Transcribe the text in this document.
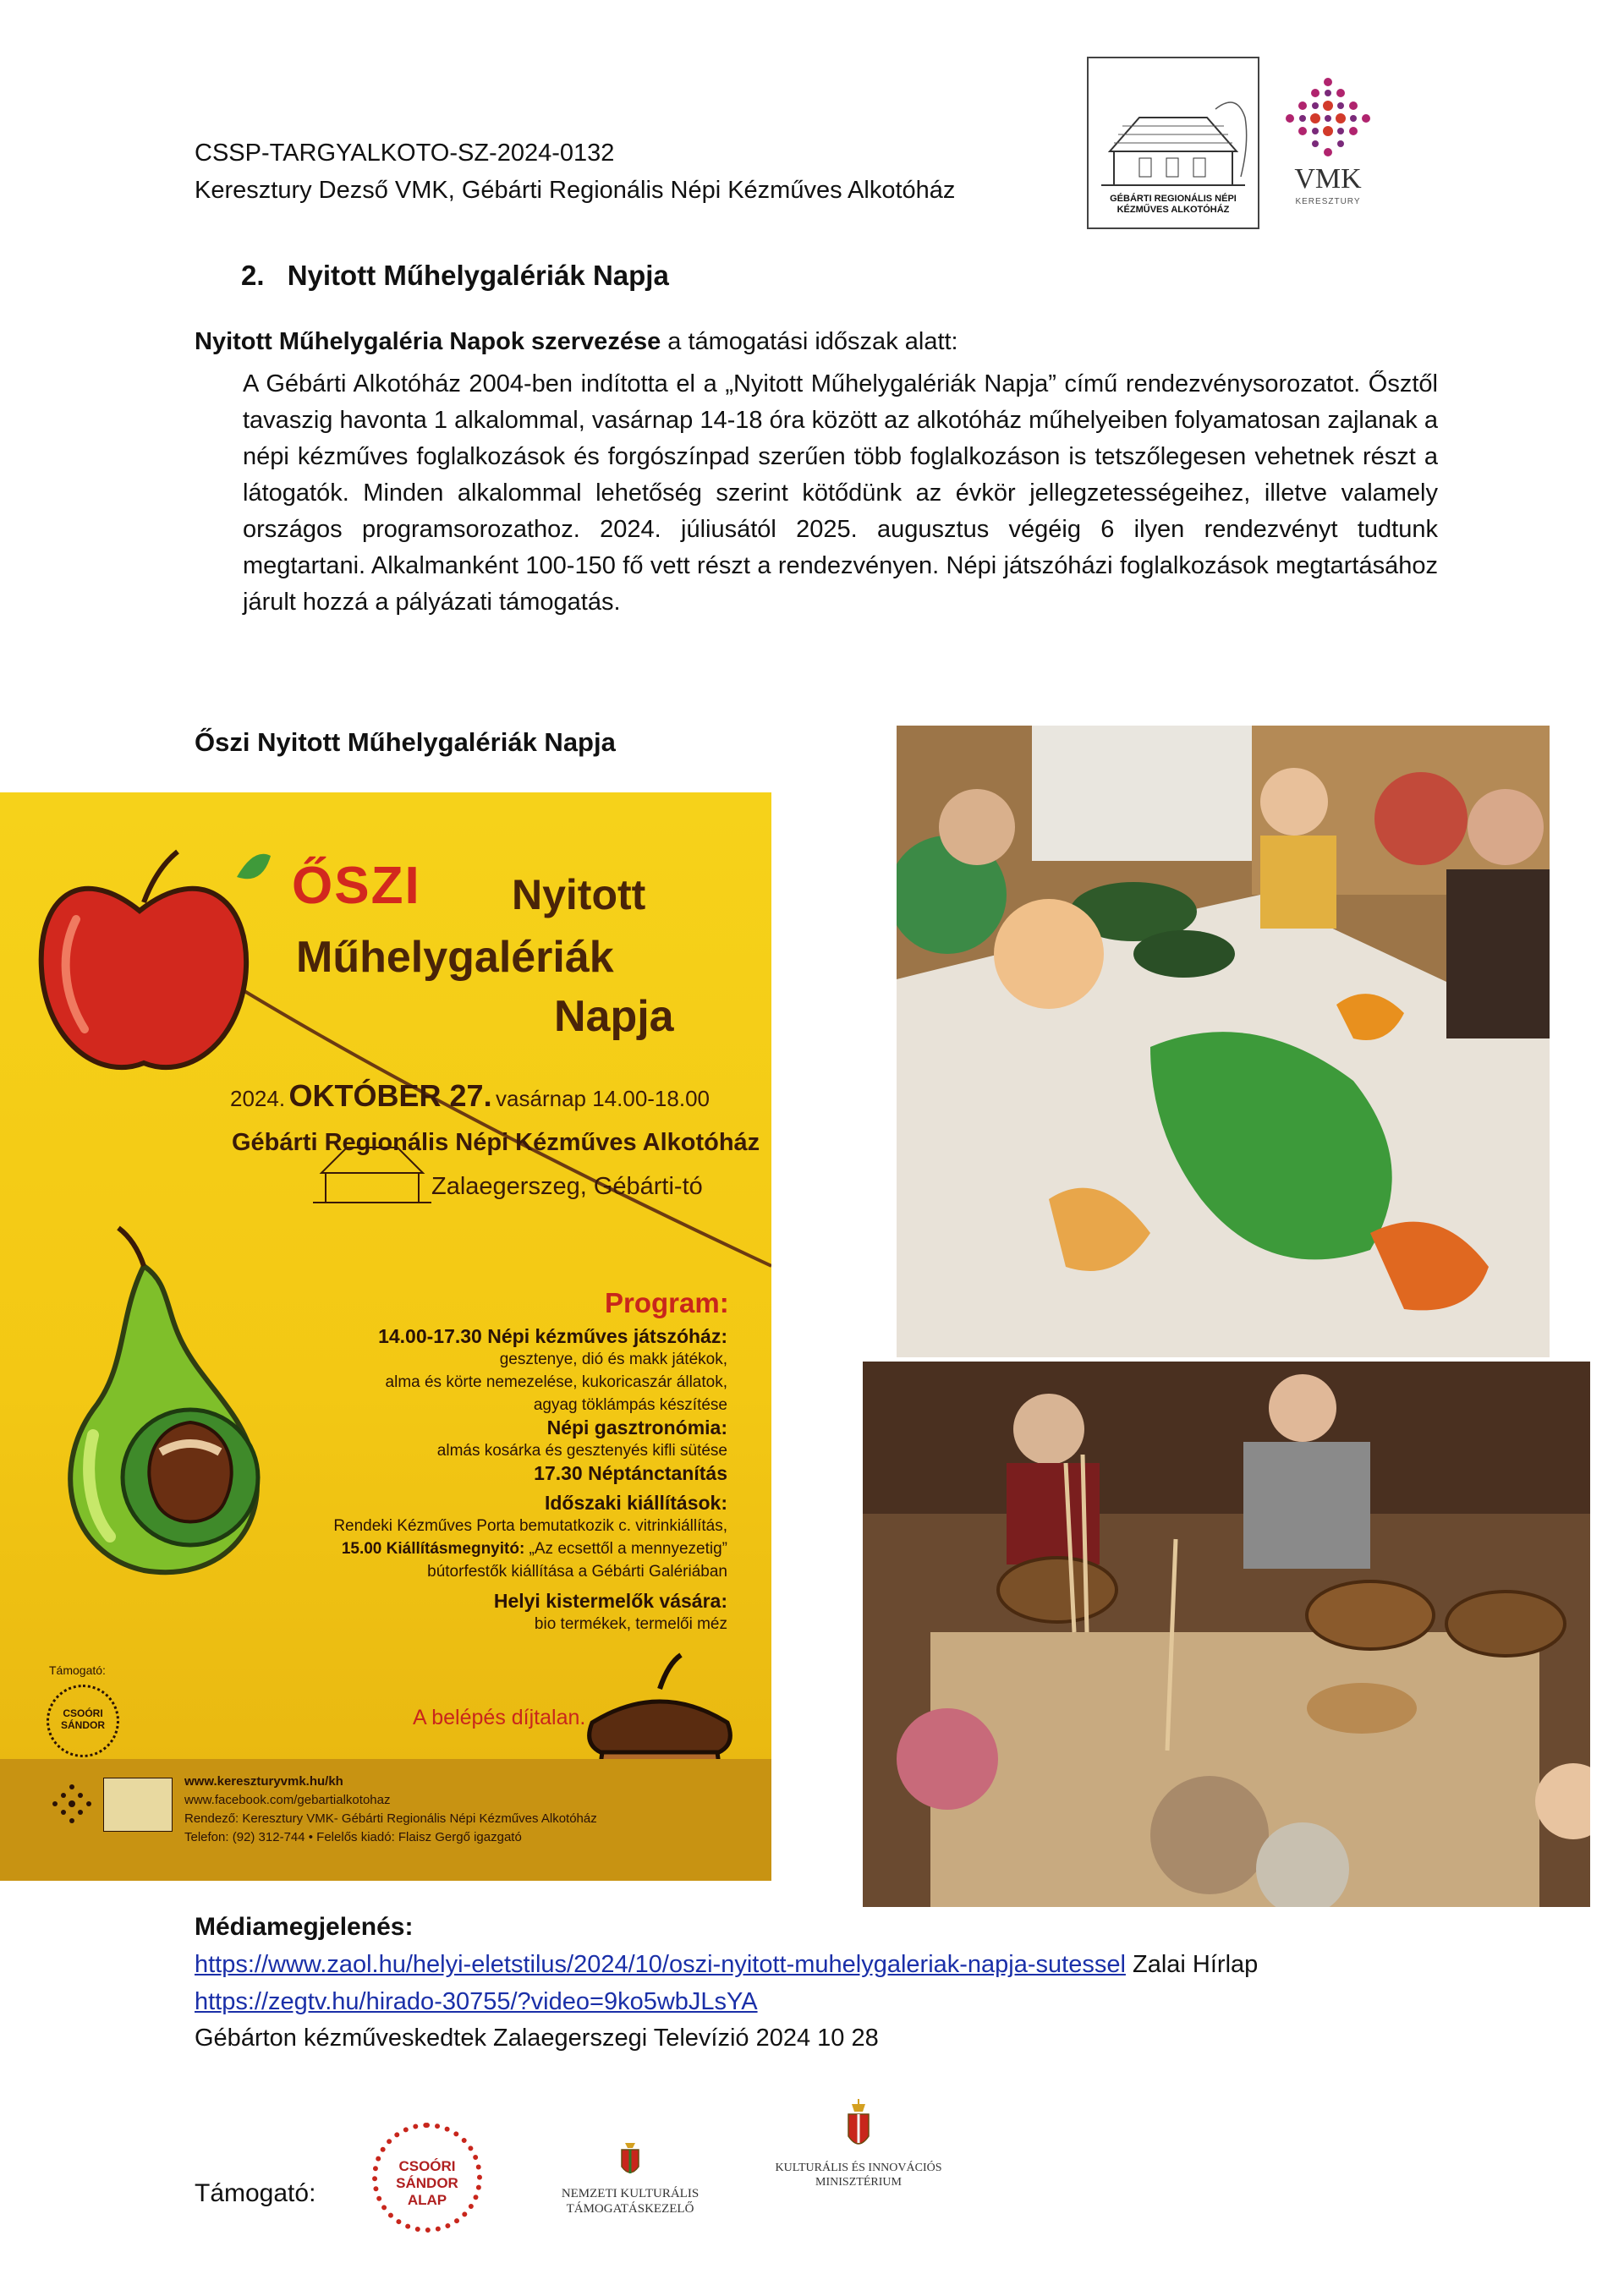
CSSP-TARGYALKOTO-SZ-2024-0132
Keresztury Dezső VMK, Gébárti Regionális Népi Kézműves Alkotóház	GÉBÁRTI REGIONÁLIS NÉPI KÉZMŰVES ALKOTÓHÁZ
VMK
KERESZTURY
2. Nyitott Műhelygalériák Napja
Nyitott Műhelygaléria Napok szervezése a támogatási időszak alatt:
A Gébárti Alkotóház 2004-ben indította el a „Nyitott Műhelygalériák Napja” című rendezvénysorozatot. Ősztől tavaszig havonta 1 alkalommal, vasárnap 14-18 óra között az alkotóház műhelyeiben folyamatosan zajlanak a népi kézműves foglalkozások és forgószínpad szerűen több foglalkozáson is tetszőlegesen vehetnek részt a látogatók. Minden alkalommal lehetőség szerint kötődünk az évkör jellegzetességeihez, illetve valamely országos programsorozathoz. 2024. júliusától 2025. augusztus végéig 6 ilyen rendezvényt tudtunk megtartani. Alkalmanként 100-150 fő vett részt a rendezvényen. Népi játszóházi foglalkozások megtartásához járult hozzá a pályázati támogatás.
Őszi Nyitott Műhelygalériák Napja
ŐSZI Nyitott
Műhelygalériák
Napja
2024. OKTÓBER 27. vasárnap 14.00-18.00
Gébárti Regionális Népi Kézműves Alkotóház
Zalaegerszeg, Gébárti-tó
Program:
14.00-17.30 Népi kézműves játszóház:
gesztenye, dió és makk játékok,
alma és körte nemezelése, kukoricaszár állatok,
agyag töklámpás készítése
Népi gasztronómia:
almás kosárka és gesztenyés kifli sütése
17.30 Néptánctanítás
Időszaki kiállítások:
Rendeki Kézműves Porta bemutatkozik c. vitrinkiállítás,
15.00 Kiállításmegnyitó: „Az ecsettől a mennyezetig”
bútorfestők kiállítása a Gébárti Galériában
Helyi kistermelők vására:
bio termékek, termelői méz
A belépés díjtalan.
Támogató:
CSOÓRI SÁNDOR
www.kereszturyvmk.hu/kh
www.facebook.com/gebartialkotohaz
Rendező: Keresztury VMK- Gébárti Regionális Népi Kézműves Alkotóház
Telefon: (92) 312-744 • Felelős kiadó: Flaisz Gergő igazgató
Médiamegjelenés:
https://www.zaol.hu/helyi-eletstilus/2024/10/oszi-nyitott-muhelygaleriak-napja-sutessel Zalai Hírlap
https://zegtv.hu/hirado-30755/?video=9ko5wbJLsYA
Gébárton kézműveskedtek Zalaegerszegi Televízió 2024 10 28
Támogató:
CSOÓRI SÁNDOR ALAP	NEMZETI KULTURÁLIS
TÁMOGATÁSKEZELŐ
KULTURÁLIS ÉS INNOVÁCIÓS
MINISZTÉRIUM
